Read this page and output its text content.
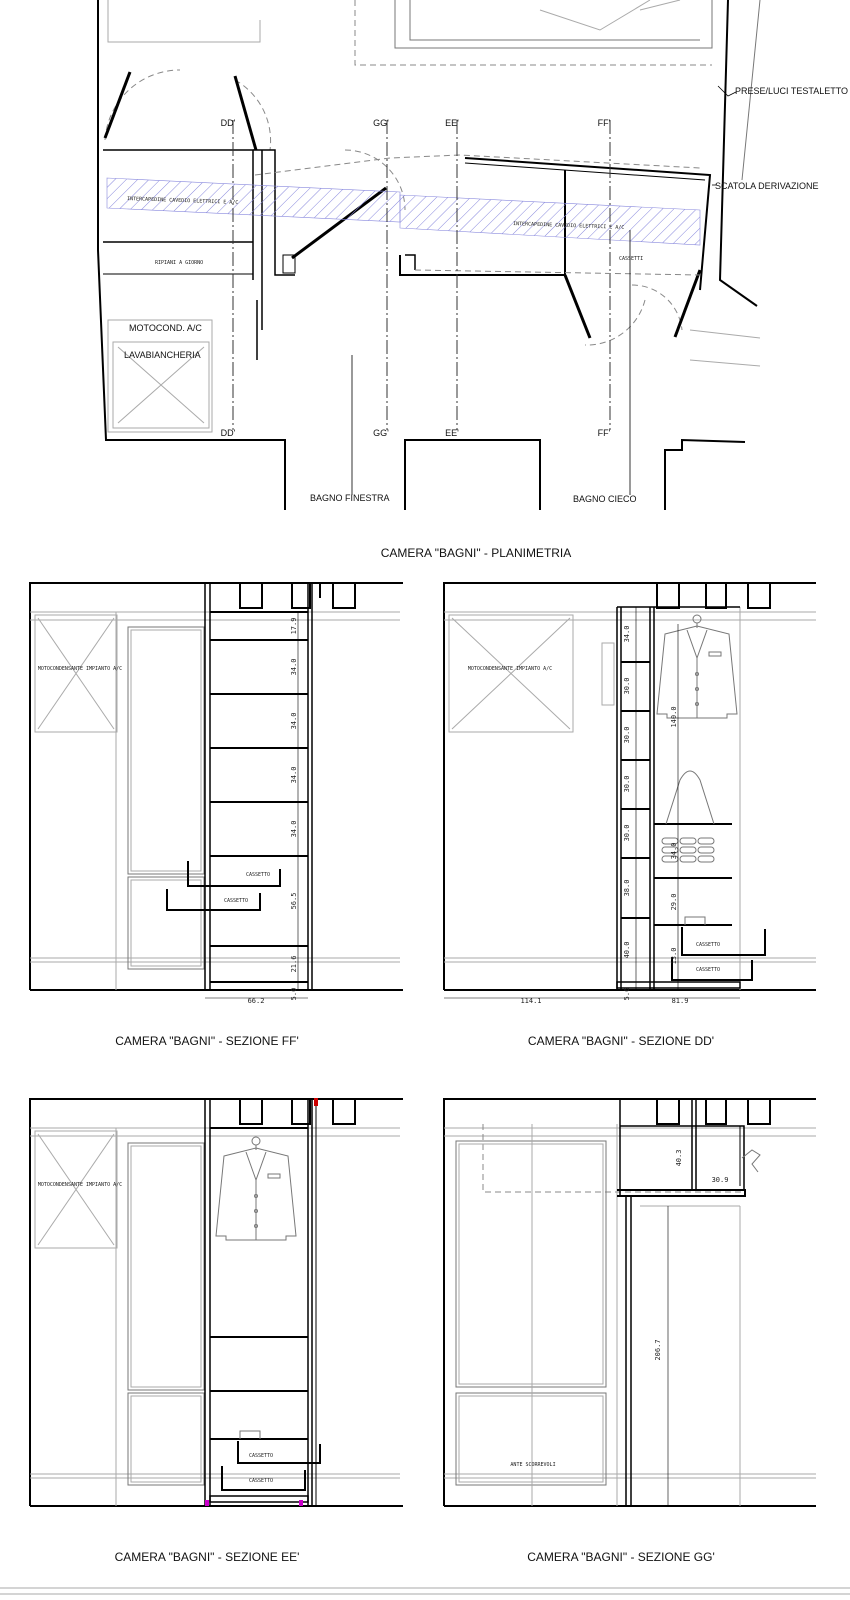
DD'	GG'	EE'	FF'
DD'	GG'	EE'	FF'
PRESE/LUCI TESTALETTO
SCATOLA DERIVAZIONE
MOTOCOND. A/C
LAVABIANCHERIA
BAGNO FINESTRA	BAGNO CIECO
INTERCAPEDINE CAVEDIO ELETTRICI E A/C
INTERCAPEDINE CAVEDIO ELETTRICI E A/C
RIPIANI A GIORNO
CASSETTI
CAMERA "BAGNI" - PLANIMETRIA
MOTOCONDENSANTE IMPIANTO A/C
CASSETTO
CASSETTO
17.9
34.0
34.0
34.0
34.0
56.5
21.6
5.0
66.2
CAMERA "BAGNI" - SEZIONE FF'
MOTOCONDENSANTE IMPIANTO A/C
CASSETTO
CASSETTO
34.0
30.0
30.0
30.0
30.0
38.0
40.0
5.6
140.0
34.0
29.0
13.0
114.1	81.9
CAMERA "BAGNI" - SEZIONE DD'
MOTOCONDENSANTE IMPIANTO A/C
CASSETTO
CASSETTO
CAMERA "BAGNI" - SEZIONE EE'
ANTE SCORREVOLI
40.3
30.9
206.7
CAMERA "BAGNI" - SEZIONE GG'
